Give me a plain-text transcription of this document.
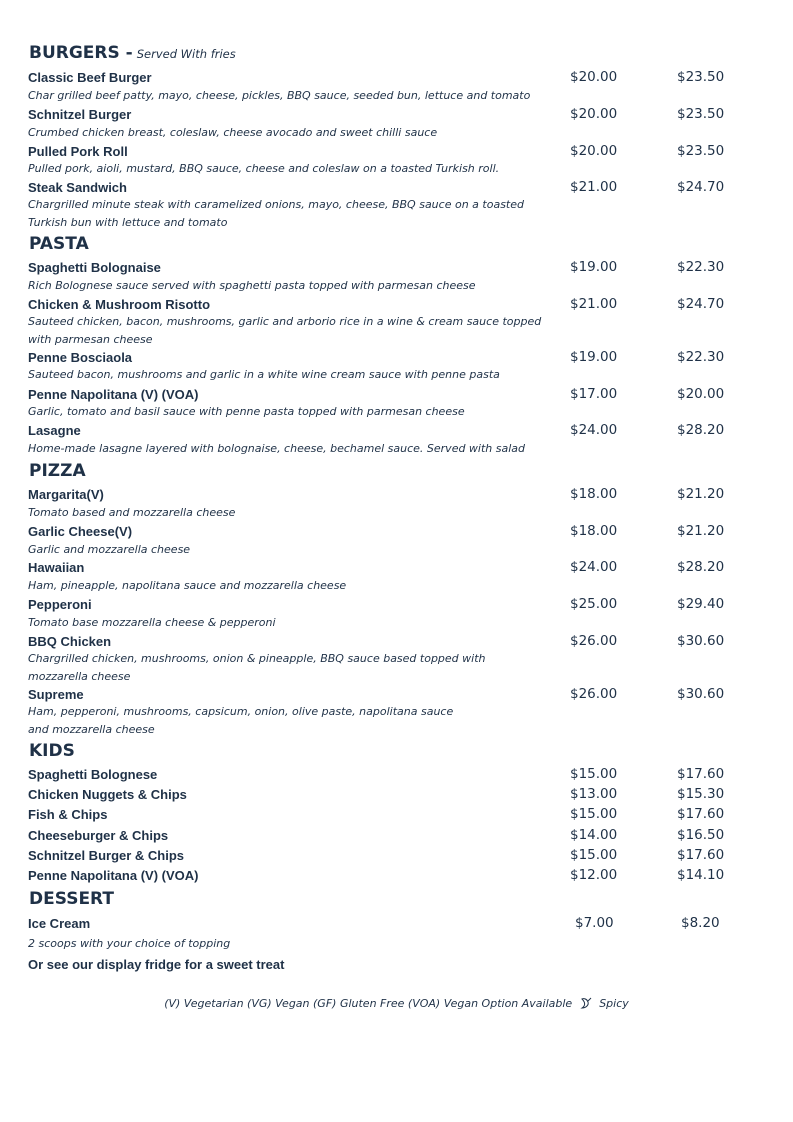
BURGERS - Served With fries
Classic Beef Burger	$20.00	$23.50
Char grilled beef patty, mayo, cheese, pickles, BBQ sauce, seeded bun, lettuce and tomato
Schnitzel Burger	$20.00	$23.50
Crumbed chicken breast, coleslaw, cheese avocado and sweet chilli sauce
Pulled Pork Roll	$20.00	$23.50
Pulled pork, aioli, mustard, BBQ sauce, cheese and coleslaw on a toasted Turkish roll.
Steak Sandwich	$21.00	$24.70
Chargrilled minute steak with caramelized onions, mayo, cheese, BBQ sauce on a toasted
Turkish bun with lettuce and tomato
PASTA
Spaghetti Bolognaise	$19.00	$22.30
Rich Bolognese sauce served with spaghetti pasta topped with parmesan cheese
Chicken & Mushroom Risotto	$21.00	$24.70
Sauteed chicken, bacon, mushrooms, garlic and arborio rice in a wine & cream sauce topped
with parmesan cheese
Penne Bosciaola	$19.00	$22.30
Sauteed bacon, mushrooms and garlic in a white wine cream sauce with penne pasta
Penne Napolitana (V) (VOA)	$17.00	$20.00
Garlic, tomato and basil sauce with penne pasta topped with parmesan cheese
Lasagne	$24.00	$28.20
Home-made lasagne layered with bolognaise, cheese, bechamel sauce. Served with salad
PIZZA
Margarita(V)	$18.00	$21.20
Tomato based and mozzarella cheese
Garlic Cheese(V)	$18.00	$21.20
Garlic and mozzarella cheese
Hawaiian	$24.00	$28.20
Ham, pineapple, napolitana sauce and mozzarella cheese
Pepperoni	$25.00	$29.40
Tomato base mozzarella cheese & pepperoni
BBQ Chicken	$26.00	$30.60
Chargrilled chicken, mushrooms, onion & pineapple, BBQ sauce based topped with
mozzarella cheese
Supreme	$26.00	$30.60
Ham, pepperoni, mushrooms, capsicum, onion, olive paste, napolitana sauce
and mozzarella cheese
KIDS
Spaghetti Bolognese	$15.00	$17.60
Chicken Nuggets & Chips	$13.00	$15.30
Fish & Chips	$15.00	$17.60
Cheeseburger & Chips	$14.00	$16.50
Schnitzel Burger & Chips	$15.00	$17.60
Penne Napolitana (V) (VOA)	$12.00	$14.10
DESSERT
Ice Cream	$7.00	$8.20
2 scoops with your choice of topping
Or see our display fridge for a sweet treat
(V) Vegetarian (VG) Vegan (GF) Gluten Free (VOA) Vegan Option Available Spicy
